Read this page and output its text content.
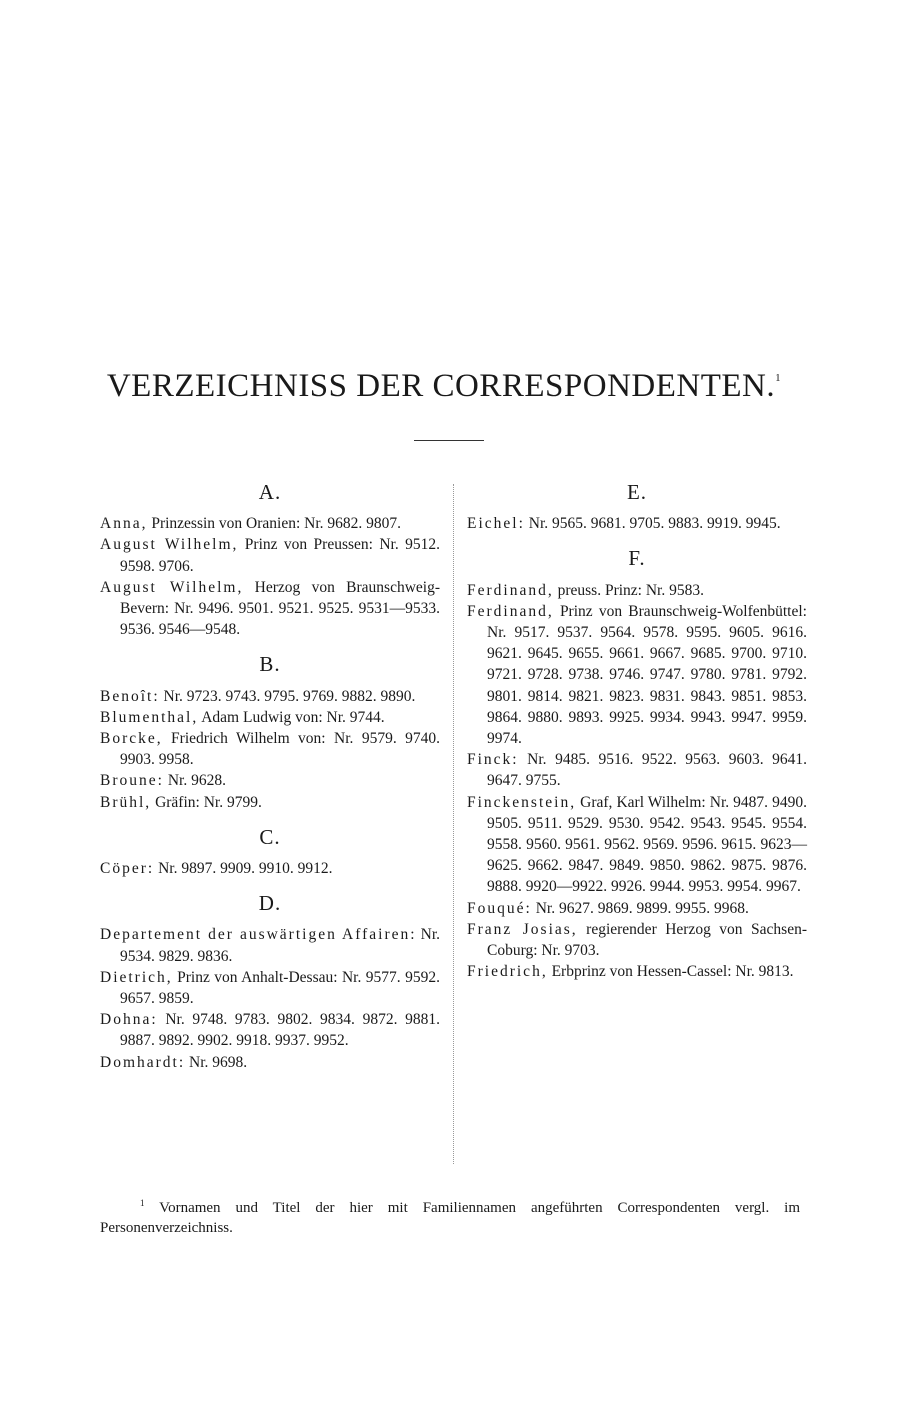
VERZEICHNISS DER CORRESPONDENTEN.$^1$
A.

Anna, Prinzessin von Oranien: Nr. 9682. 9807.

August Wilhelm, Prinz von Preussen: Nr. 9512. 9598. 9706.

August Wilhelm, Herzog von Braunschweig-Bevern: Nr. 9496. 9501. 9521. 9525. 9531—9533. 9536. 9546—9548.

B.

Benoît: Nr. 9723. 9743. 9795. 9769. 9882. 9890.

Blumenthal, Adam Ludwig von: Nr. 9744.

Borcke, Friedrich Wilhelm von: Nr. 9579. 9740. 9903. 9958.

Broune: Nr. 9628.

Brühl, Gräfin: Nr. 9799.

C.

Cöper: Nr. 9897. 9909. 9910. 9912.

D.

Departement der auswärtigen Affairen: Nr. 9534. 9829. 9836.

Dietrich, Prinz von Anhalt-Dessau: Nr. 9577. 9592. 9657. 9859.

Dohna: Nr. 9748. 9783. 9802. 9834. 9872. 9881. 9887. 9892. 9902. 9918. 9937. 9952.

Domhardt: Nr. 9698.

E.

Eichel: Nr. 9565. 9681. 9705. 9883. 9919. 9945.

F.

Ferdinand, preuss. Prinz: Nr. 9583.

Ferdinand, Prinz von Braunschweig-Wolfenbüttel: Nr. 9517. 9537. 9564. 9578. 9595. 9605. 9616. 9621. 9645. 9655. 9661. 9667. 9685. 9700. 9710. 9721. 9728. 9738. 9746. 9747. 9780. 9781. 9792. 9801. 9814. 9821. 9823. 9831. 9843. 9851. 9853. 9864. 9880. 9893. 9925. 9934. 9943. 9947. 9959. 9974.

Finck: Nr. 9485. 9516. 9522. 9563. 9603. 9641. 9647. 9755.

Finckenstein, Graf, Karl Wilhelm: Nr. 9487. 9490. 9505. 9511. 9529. 9530. 9542. 9543. 9545. 9554. 9558. 9560. 9561. 9562. 9569. 9596. 9615. 9623—9625. 9662. 9847. 9849. 9850. 9862. 9875. 9876. 9888. 9920—9922. 9926. 9944. 9953. 9954. 9967.

Fouqué: Nr. 9627. 9869. 9899. 9955. 9968.

Franz Josias, regierender Herzog von Sachsen-Coburg: Nr. 9703.

Friedrich, Erbprinz von Hessen-Cassel: Nr. 9813.

$^1$ Vornamen und Titel der hier mit Familiennamen angeführten Correspondenten vergl. im Personenverzeichniss.
